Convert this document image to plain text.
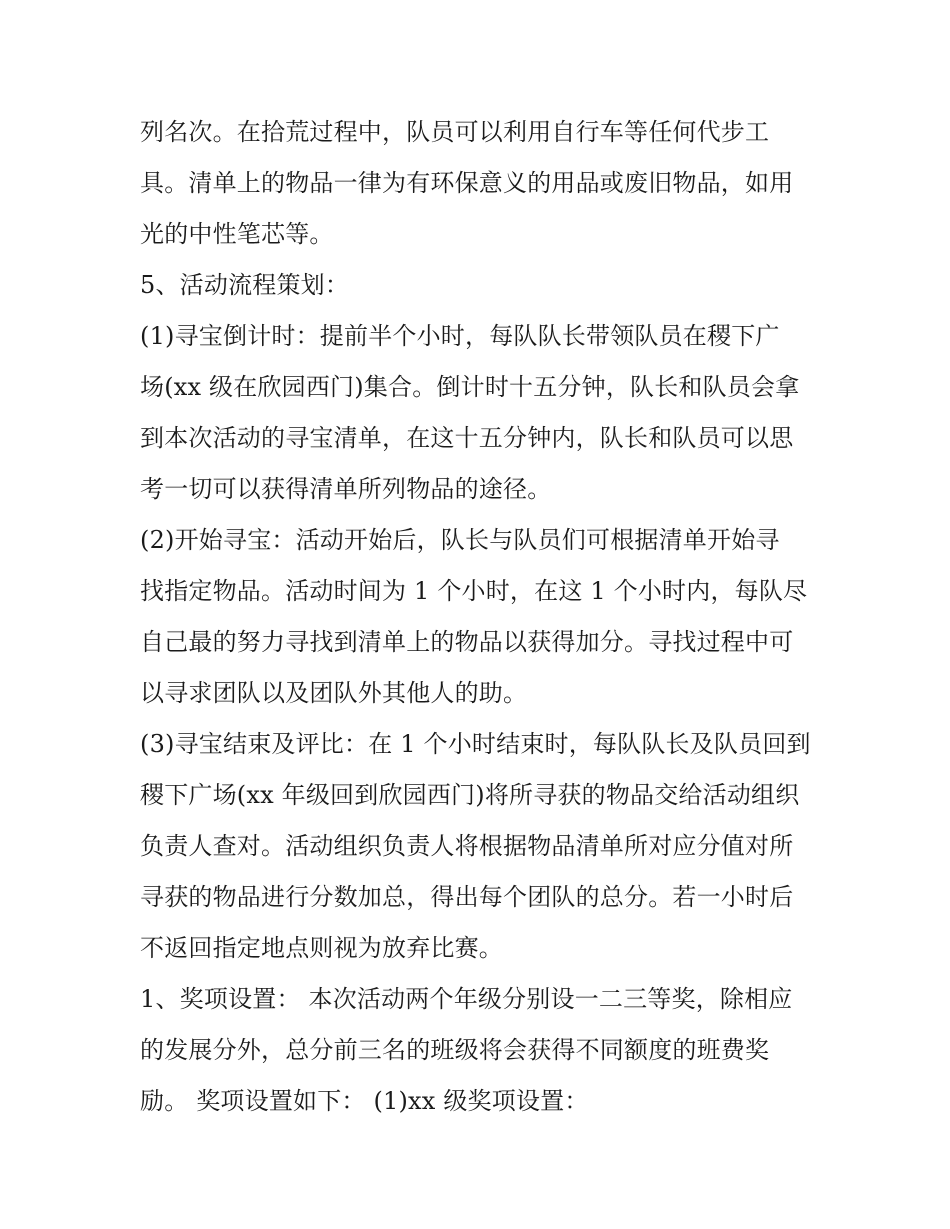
列名次。在拾荒过程中，队员可以利用自行车等任何代步工
具。清单上的物品一律为有环保意义的用品或废旧物品，如用
光的中性笔芯等。
5、活动流程策划：
(1)寻宝倒计时：提前半个小时，每队队长带领队员在稷下广
场(xx 级在欣园西门)集合。倒计时十五分钟，队长和队员会拿
到本次活动的寻宝清单，在这十五分钟内，队长和队员可以思
考一切可以获得清单所列物品的途径。
(2)开始寻宝：活动开始后，队长与队员们可根据清单开始寻
找指定物品。活动时间为 1 个小时，在这 1 个小时内，每队尽
自己最的努力寻找到清单上的物品以获得加分。寻找过程中可
以寻求团队以及团队外其他人的助。
(3)寻宝结束及评比：在 1 个小时结束时，每队队长及队员回到
稷下广场(xx 年级回到欣园西门)将所寻获的物品交给活动组织
负责人查对。活动组织负责人将根据物品清单所对应分值对所
寻获的物品进行分数加总，得出每个团队的总分。若一小时后
不返回指定地点则视为放弃比赛。
1、奖项设置： 本次活动两个年级分别设一二三等奖，除相应
的发展分外，总分前三名的班级将会获得不同额度的班费奖
励。 奖项设置如下： (1)xx 级奖项设置：
